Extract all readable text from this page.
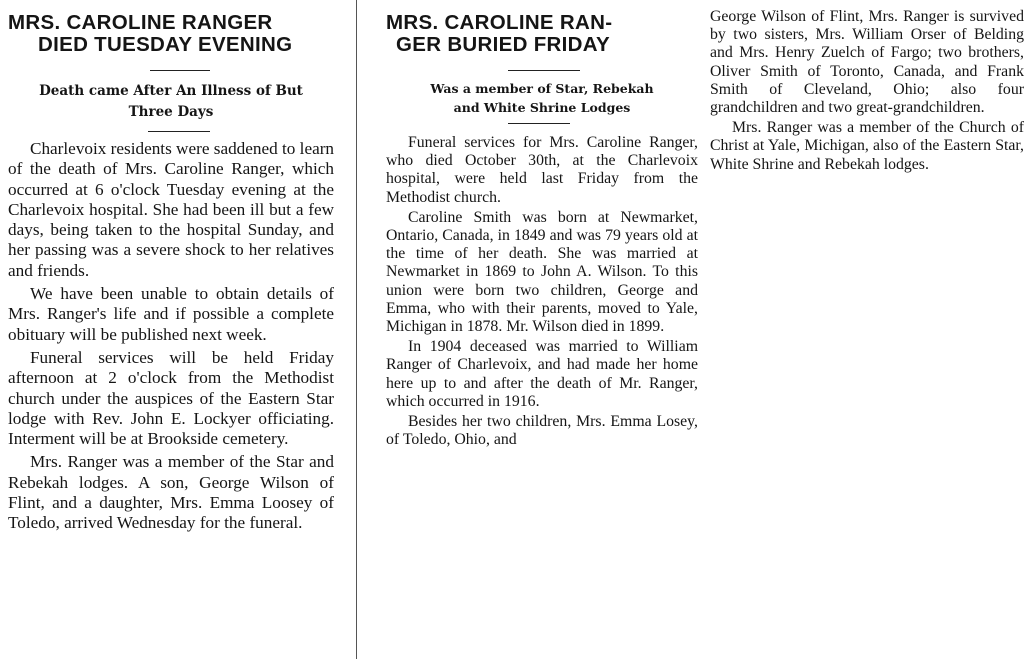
MRS. CAROLINE RANGER
DIED TUESDAY EVENING
Death came After An Illness of But
Three Days

Charlevoix residents were saddened to learn of the death of Mrs. Caroline Ranger, which occurred at 6 o'clock Tuesday evening at the Charlevoix hospital. She had been ill but a few days, being taken to the hospital Sunday, and her passing was a severe shock to her relatives and friends.

We have been unable to obtain details of Mrs. Ranger's life and if possible a complete obituary will be published next week.

Funeral services will be held Friday afternoon at 2 o'clock from the Methodist church under the auspices of the Eastern Star lodge with Rev. John E. Lockyer officiating. Interment will be at Brookside cemetery.

Mrs. Ranger was a member of the Star and Rebekah lodges. A son, George Wilson of Flint, and a daughter, Mrs. Emma Loosey of Toledo, arrived Wednesday for the funeral.

MRS. CAROLINE RAN-
GER BURIED FRIDAY
Was a member of Star, Rebekah
and White Shrine Lodges

Funeral services for Mrs. Caroline Ranger, who died October 30th, at the Charlevoix hospital, were held last Friday from the Methodist church.

Caroline Smith was born at Newmarket, Ontario, Canada, in 1849 and was 79 years old at the time of her death. She was married at Newmarket in 1869 to John A. Wilson. To this union were born two children, George and Emma, who with their parents, moved to Yale, Michigan in 1878. Mr. Wilson died in 1899.

In 1904 deceased was married to William Ranger of Charlevoix, and had made her home here up to and after the death of Mr. Ranger, which occurred in 1916.

Besides her two children, Mrs. Emma Losey, of Toledo, Ohio, and

George Wilson of Flint, Mrs. Ranger is survived by two sisters, Mrs. William Orser of Belding and Mrs. Henry Zuelch of Fargo; two brothers, Oliver Smith of Toronto, Canada, and Frank Smith of Cleveland, Ohio; also four grandchildren and two great-grandchildren.

Mrs. Ranger was a member of the Church of Christ at Yale, Michigan, also of the Eastern Star, White Shrine and Rebekah lodges.
